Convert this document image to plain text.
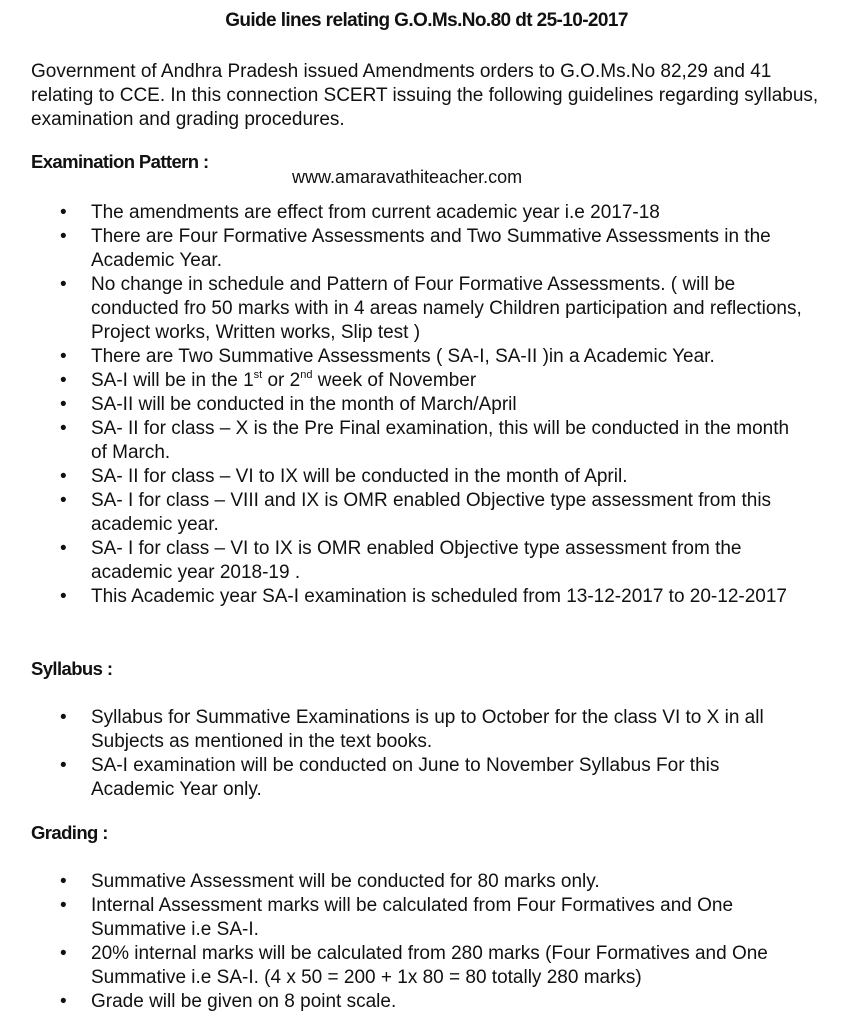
Guide lines relating G.O.Ms.No.80 dt 25-10-2017

Government of Andhra Pradesh issued Amendments orders to G.O.Ms.No 82,29 and 41 relating to CCE. In this connection SCERT issuing the following guidelines regarding syllabus, examination and grading procedures.

Examination Pattern :

www.amaravathiteacher.com

• The amendments are effect from current academic year i.e 2017-18
• There are Four Formative Assessments and Two Summative Assessments in the Academic Year.
• No change in schedule and Pattern of Four Formative Assessments. ( will be conducted fro 50 marks with in 4 areas namely Children participation and reflections, Project works, Written works, Slip test )
• There are Two Summative Assessments ( SA-I, SA-II )in a Academic Year.
• SA-I will be in the 1st or 2nd week of November
• SA-II will be conducted in the month of March/April
• SA- II for class – X is the Pre Final examination, this will be conducted in the month of March.
• SA- II for class – VI to IX will be conducted in the month of April.
• SA- I for class – VIII and IX is OMR enabled Objective type assessment from this academic year.
• SA- I for class – VI to IX is OMR enabled Objective type assessment from the academic year 2018-19 .
• This Academic year SA-I examination is scheduled from 13-12-2017 to 20-12-2017
Syllabus :
• Syllabus for Summative Examinations is up to October for the class VI to X in all Subjects as mentioned in the text books.
• SA-I examination will be conducted on June to November Syllabus For this Academic Year only.
Grading :
• Summative Assessment will be conducted for 80 marks only.
• Internal Assessment marks will be calculated from Four Formatives and One Summative i.e SA-I.
• 20% internal marks will be calculated from 280 marks (Four Formatives and One Summative i.e SA-I. (4 x 50 = 200 + 1x 80 = 80 totally 280 marks)
• Grade will be given on 8 point scale.
